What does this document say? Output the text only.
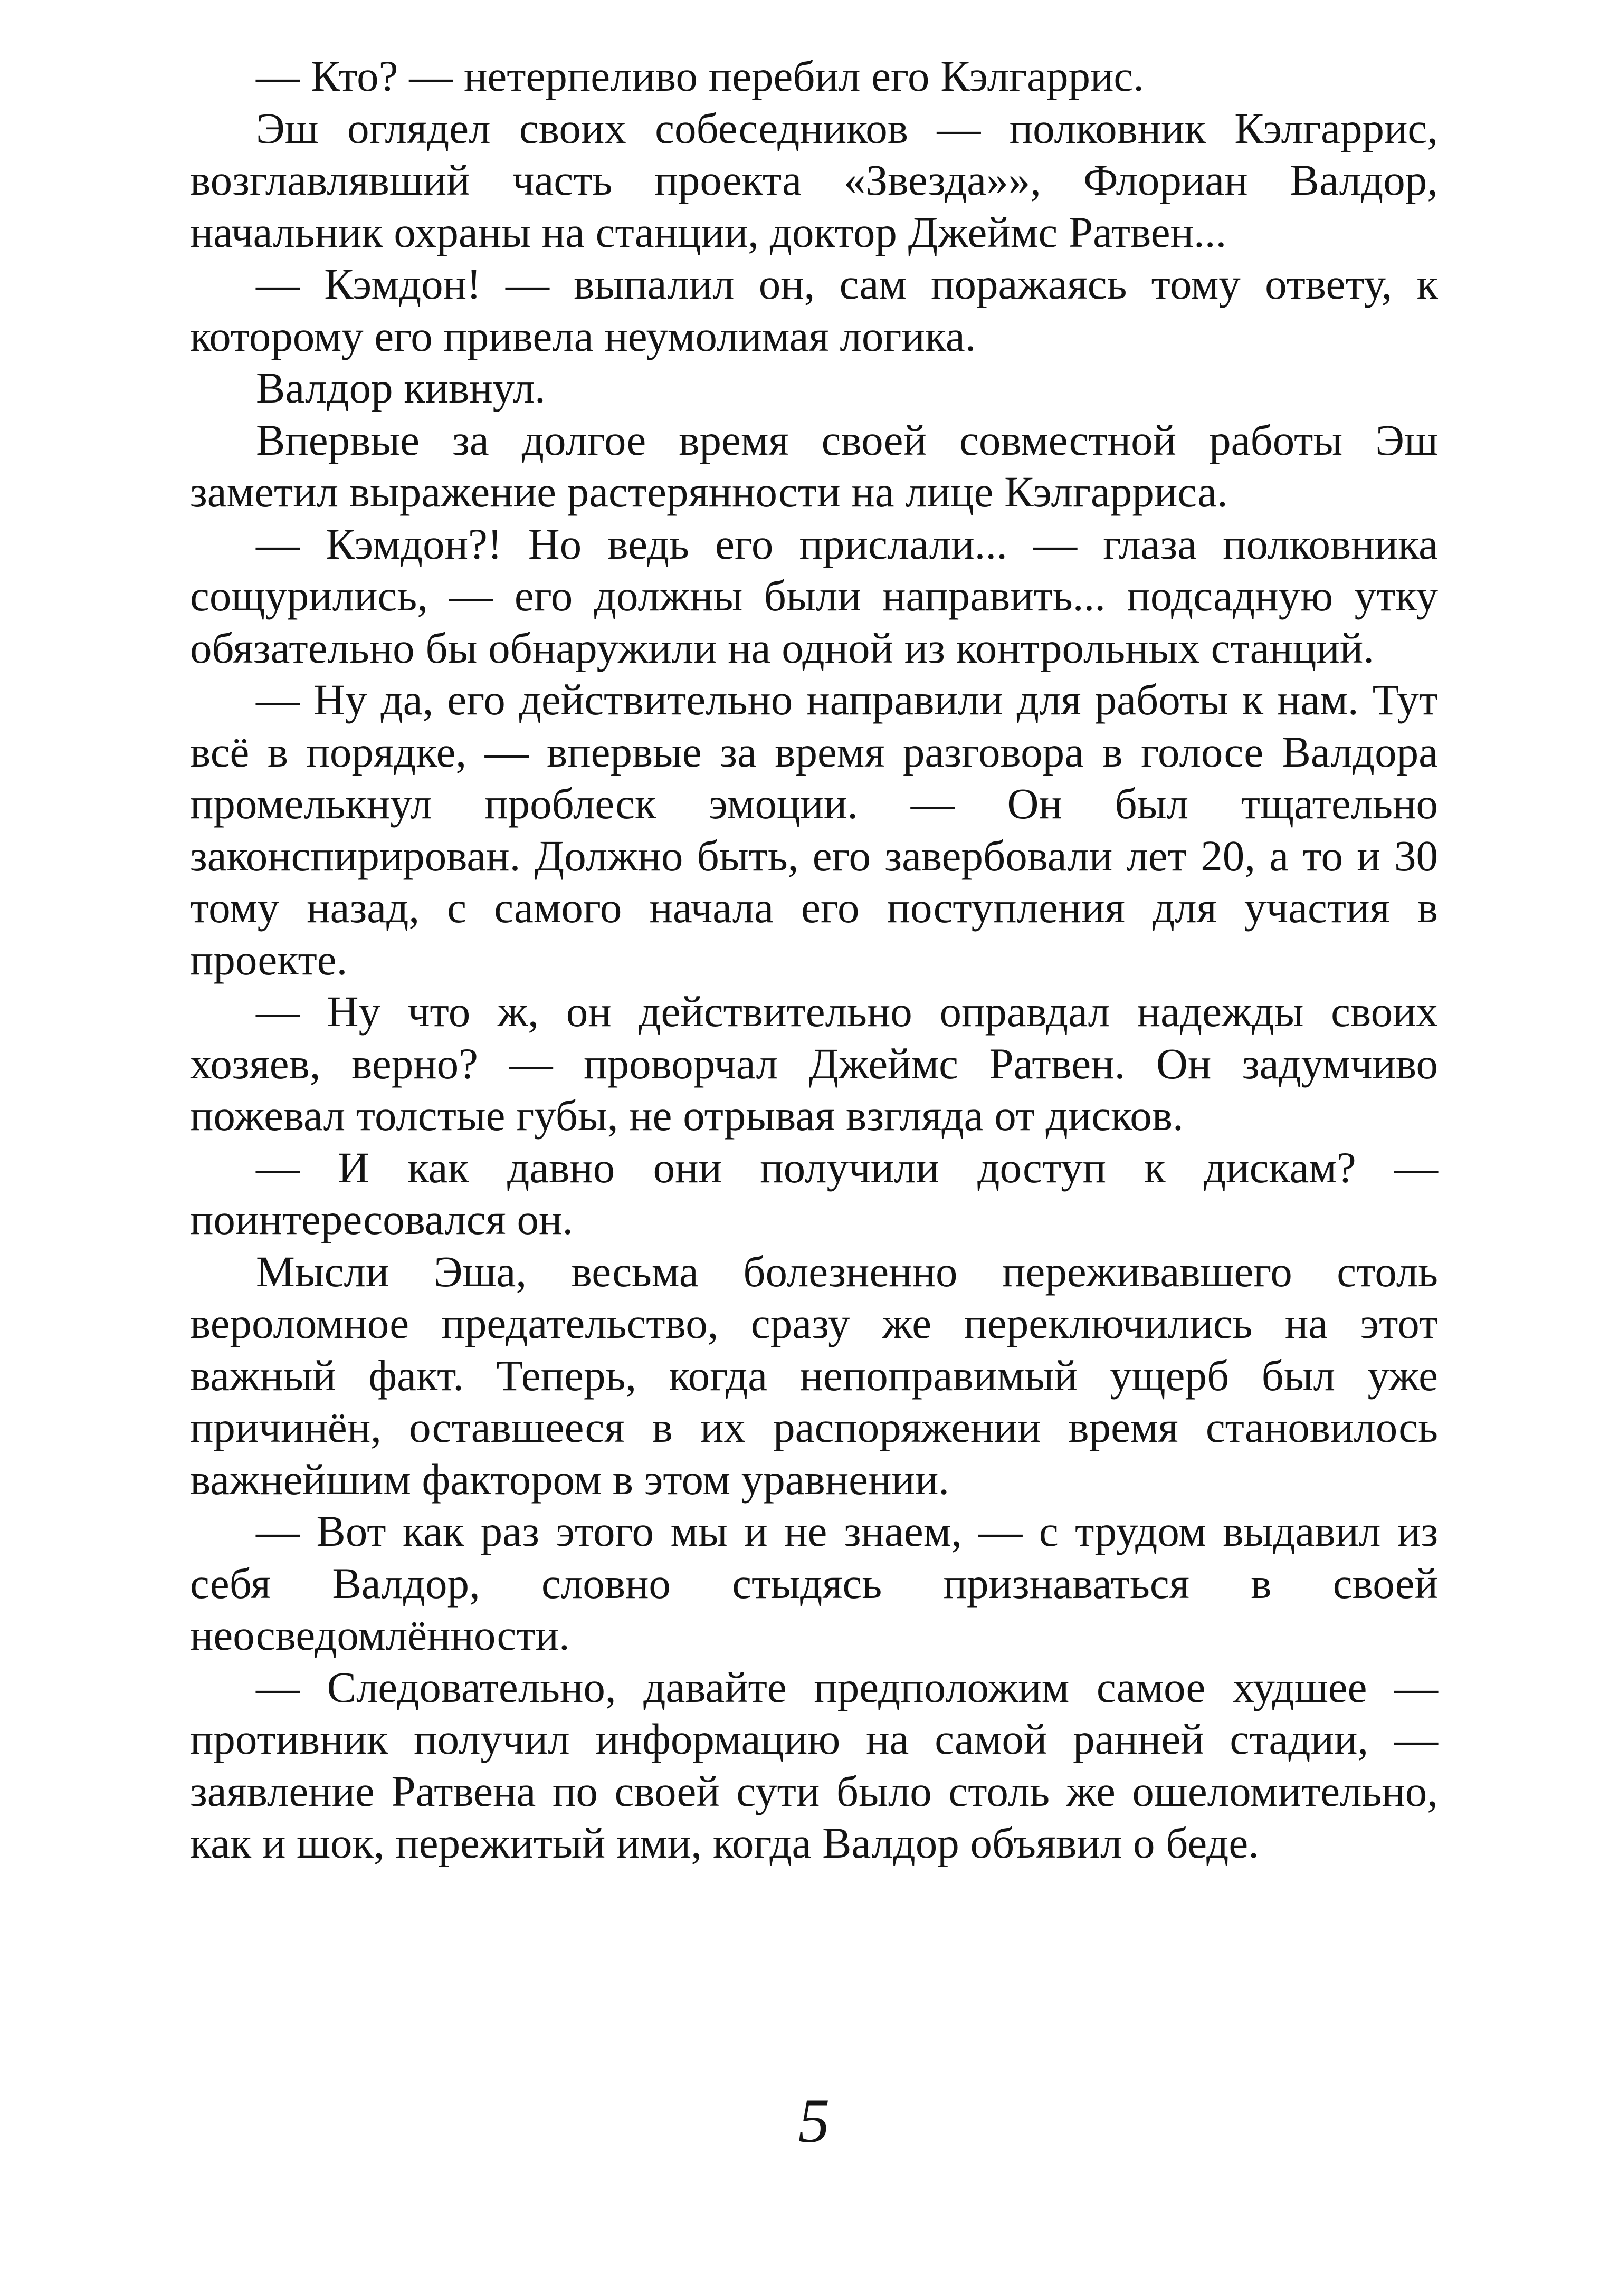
— Кто? — нетерпеливо перебил его Кэлгаррис.

Эш оглядел своих собеседников — полковник Кэлгаррис, возглавлявший часть проекта «Звезда»», Флориан Валдор, начальник охраны на станции, доктор Джеймс Ратвен...

— Кэмдон! — выпалил он, сам поражаясь тому ответу, к которому его привела неумолимая логика.

Валдор кивнул.

Впервые за долгое время своей совместной работы Эш заметил выражение растерянности на лице Кэлгарриса.

— Кэмдон?! Но ведь его прислали... — глаза полковника сощурились, — его должны были направить... подсадную утку обязательно бы обнаружили на одной из контрольных станций.

— Ну да, его действительно направили для работы к нам. Тут всё в порядке, — впервые за время разговора в голосе Валдора промелькнул проблеск эмоции. — Он был тщательно законспирирован. Должно быть, его завербовали лет 20, а то и 30 тому назад, с самого начала его поступления для участия в проекте.

— Ну что ж, он действительно оправдал надежды своих хозяев, верно? — проворчал Джеймс Ратвен. Он задумчиво пожевал толстые губы, не отрывая взгляда от дисков.

— И как давно они получили доступ к дискам? — поинтересовался он.

Мысли Эша, весьма болезненно переживавшего столь вероломное предательство, сразу же переключились на этот важный факт. Теперь, когда непоправимый ущерб был уже причинён, оставшееся в их распоряжении время становилось важнейшим фактором в этом уравнении.

— Вот как раз этого мы и не знаем, — с трудом выдавил из себя Валдор, словно стыдясь признаваться в своей неосведомлённости.

— Следовательно, давайте предположим самое худшее — противник получил информацию на самой ранней стадии, — заявление Ратвена по своей сути было столь же ошеломительно, как и шок, пережитый ими, когда Валдор объявил о беде.

5
